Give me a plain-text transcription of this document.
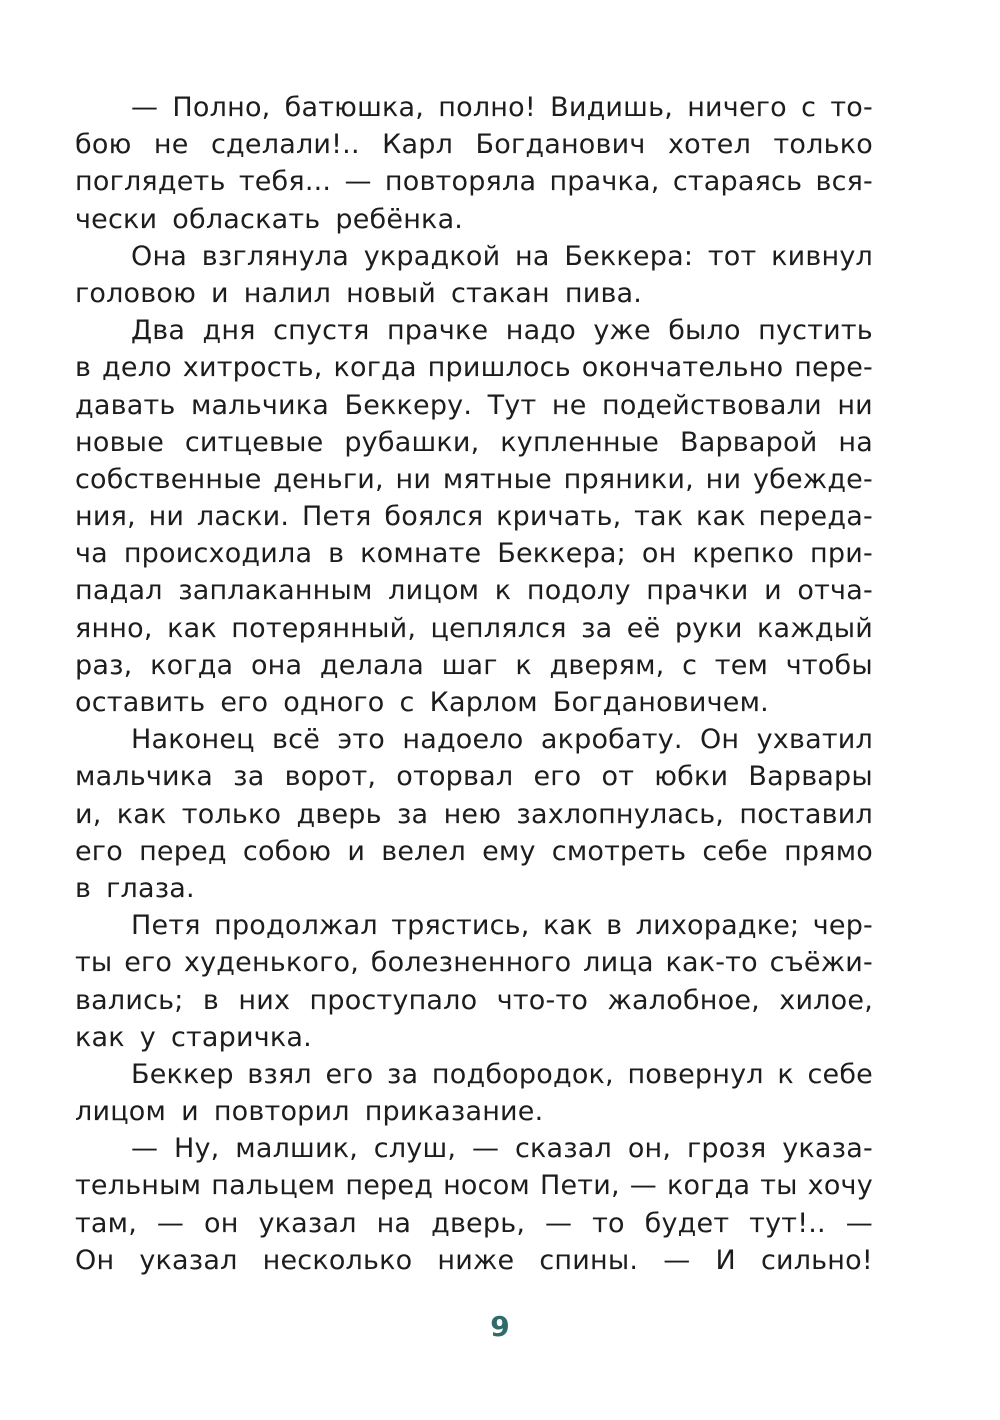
— Полно, батюшка, полно! Видишь, ничего с то-
бою не сделали!.. Карл Богданович хотел только
поглядеть тебя... — повторяла прачка, стараясь вся-
чески обласкать ребёнка.
Она взглянула украдкой на Беккера: тот кивнул
головою и налил новый стакан пива.
Два дня спустя прачке надо уже было пустить
в дело хитрость, когда пришлось окончательно пере-
давать мальчика Беккеру. Тут не подействовали ни
новые ситцевые рубашки, купленные Варварой на
собственные деньги, ни мятные пряники, ни убежде-
ния, ни ласки. Петя боялся кричать, так как переда-
ча происходила в комнате Беккера; он крепко при-
падал заплаканным лицом к подолу прачки и отча-
янно, как потерянный, цеплялся за её руки каждый
раз, когда она делала шаг к дверям, с тем чтобы
оставить его одного с Карлом Богдановичем.
Наконец всё это надоело акробату. Он ухватил
мальчика за ворот, оторвал его от юбки Варвары
и, как только дверь за нею захлопнулась, поставил
его перед собою и велел ему смотреть себе прямо
в глаза.
Петя продолжал трястись, как в лихорадке; чер-
ты его худенького, болезненного лица как-то съёжи-
вались; в них проступало что-то жалобное, хилое,
как у старичка.
Беккер взял его за подбородок, повернул к себе
лицом и повторил приказание.
— Ну, малшик, слуш, — сказал он, грозя указа-
тельным пальцем перед носом Пети, — когда ты хочу
там, — он указал на дверь, — то будет тут!.. —
Он указал несколько ниже спины. — И сильно!
9
